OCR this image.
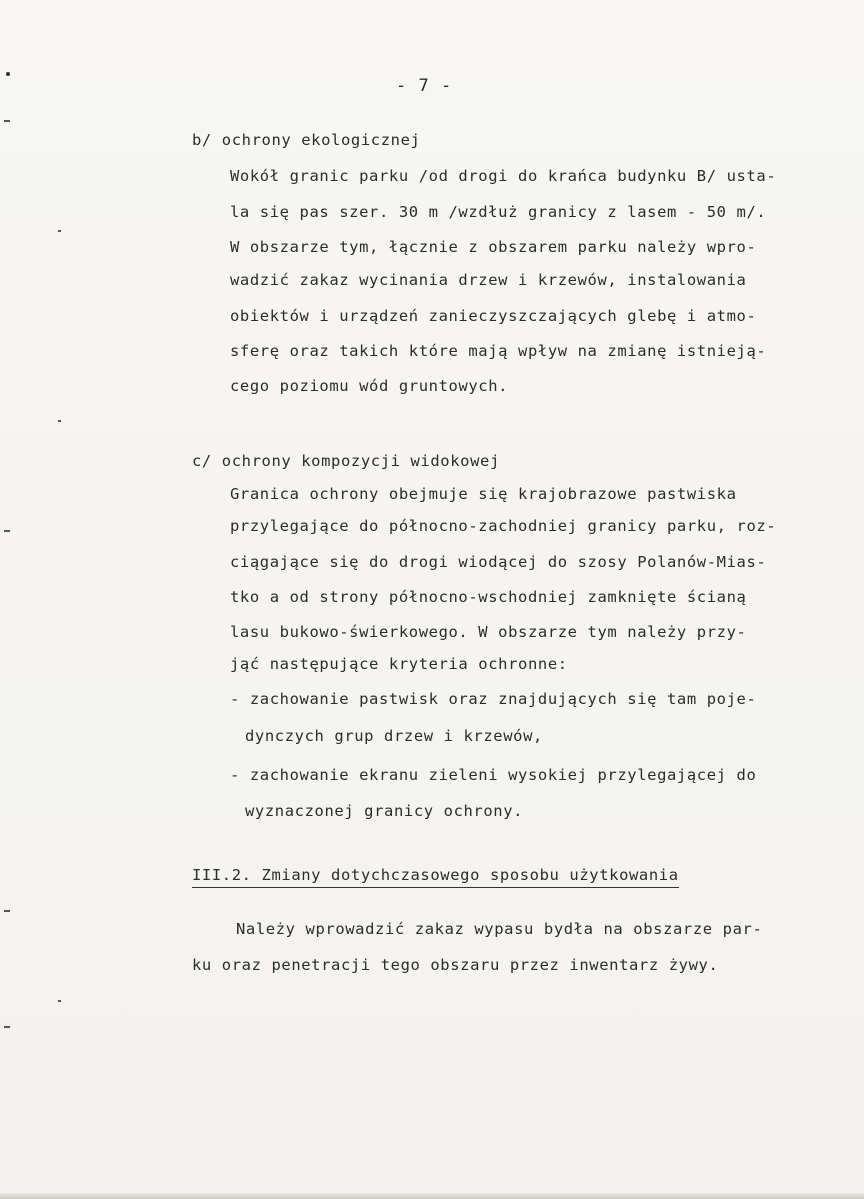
- 7 -
b/ ochrony ekologicznej
Wokół granic parku /od drogi do krańca budynku B/ usta-
la się pas szer. 30 m /wzdłuż granicy z lasem - 50 m/.
W obszarze tym, łącznie z obszarem parku należy wpro-
wadzić zakaz wycinania drzew i krzewów, instalowania
obiektów i urządzeń zanieczyszczających glebę i atmo-
sferę oraz takich które mają wpływ na zmianę istnieją-
cego poziomu wód gruntowych.
c/ ochrony kompozycji widokowej
Granica ochrony obejmuje się krajobrazowe pastwiska
przylegające do północno-zachodniej granicy parku, roz-
ciągające się do drogi wiodącej do szosy Polanów-Mias-
tko a od strony północno-wschodniej zamknięte ścianą
lasu bukowo-świerkowego. W obszarze tym należy przy-
jąć następujące kryteria ochronne:
- zachowanie pastwisk oraz znajdujących się tam poje-
dynczych grup drzew i krzewów,
- zachowanie ekranu zieleni wysokiej przylegającej do
wyznaczonej granicy ochrony.
III.2. Zmiany dotychczasowego sposobu użytkowania
Należy wprowadzić zakaz wypasu bydła na obszarze par-
ku oraz penetracji tego obszaru przez inwentarz żywy.
